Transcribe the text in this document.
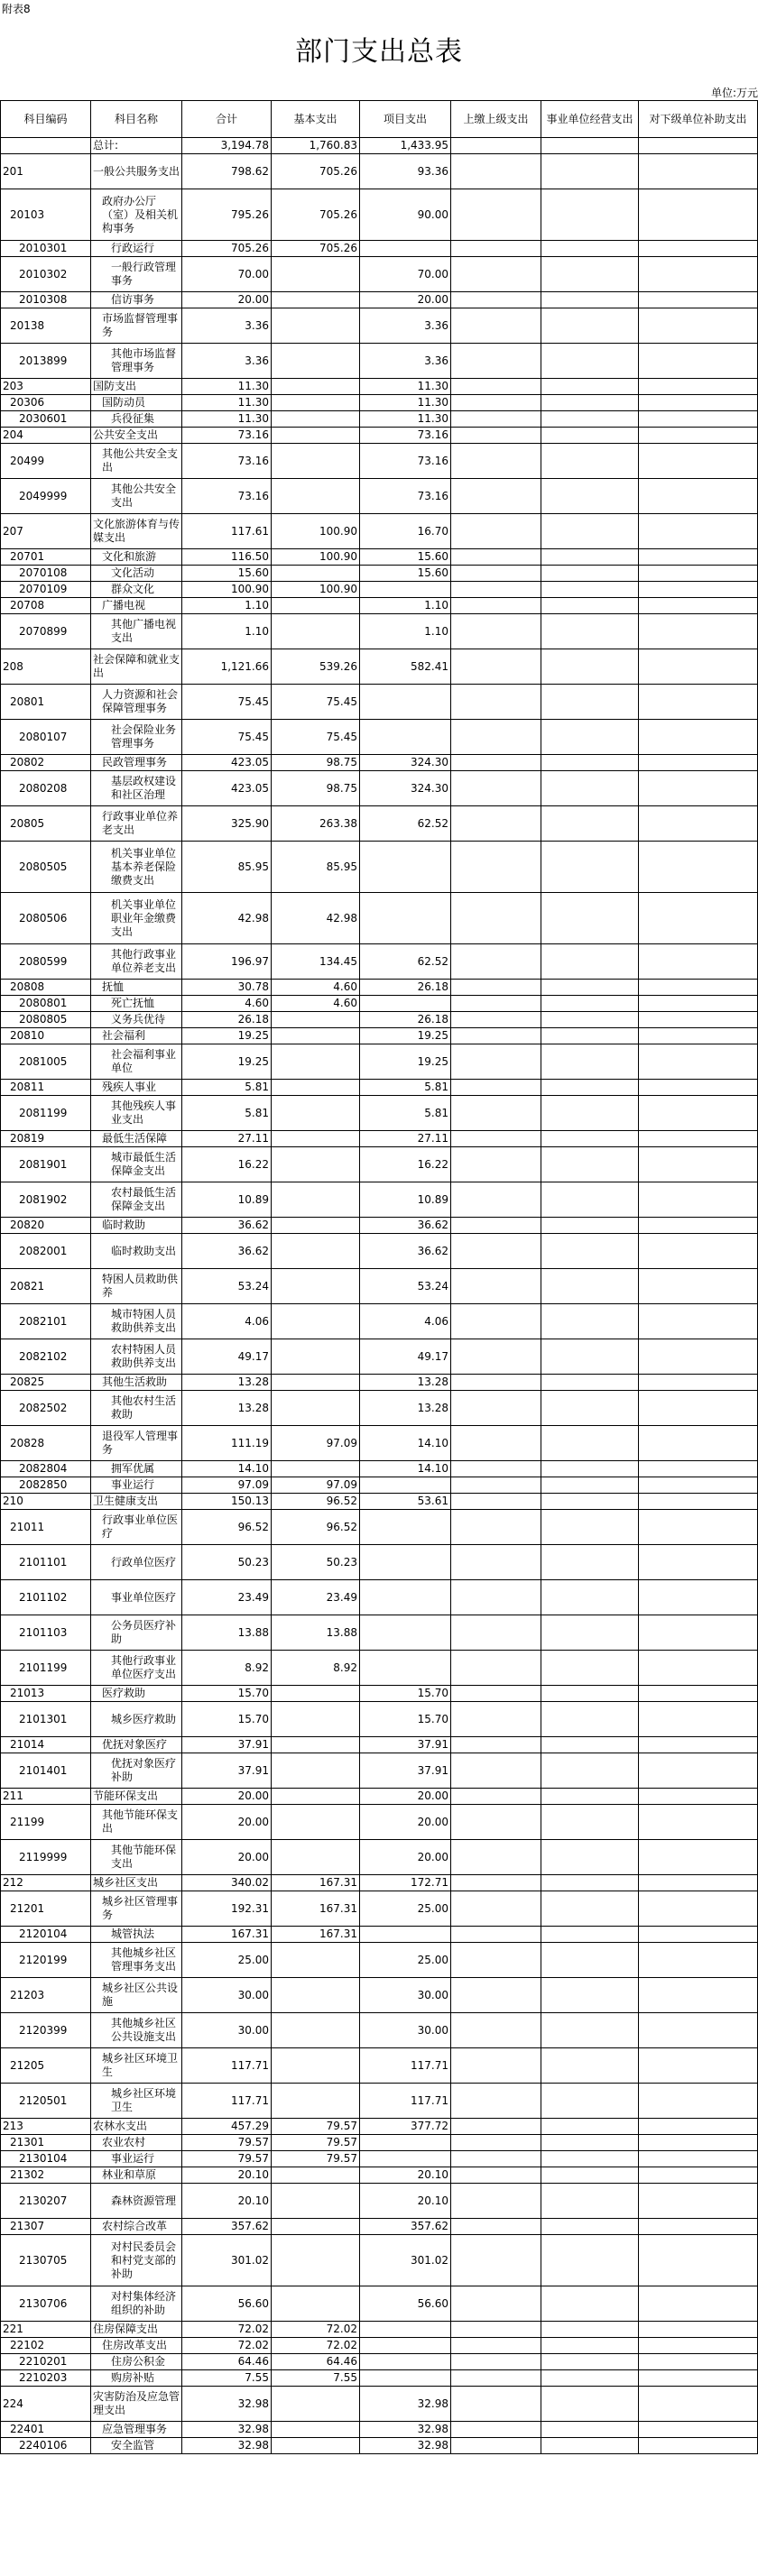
附表8
部门支出总表
单位:万元
科目编码	科目名称	合计	基本支出	项目支出	上缴上级支出	事业单位经营支出	对下级单位补助支出
	总计:	3,194.78	1,760.83	1,433.95			
201	一般公共服务支出	798.62	705.26	93.36			
20103	政府办公厅（室）及相关机构事务	795.26	705.26	90.00			
2010301	行政运行	705.26	705.26				
2010302	一般行政管理事务	70.00		70.00			
2010308	信访事务	20.00		20.00			
20138	市场监督管理事务	3.36		3.36			
2013899	其他市场监督管理事务	3.36		3.36			
203	国防支出	11.30		11.30			
20306	国防动员	11.30		11.30			
2030601	兵役征集	11.30		11.30			
204	公共安全支出	73.16		73.16			
20499	其他公共安全支出	73.16		73.16			
2049999	其他公共安全支出	73.16		73.16			
207	文化旅游体育与传媒支出	117.61	100.90	16.70			
20701	文化和旅游	116.50	100.90	15.60			
2070108	文化活动	15.60		15.60			
2070109	群众文化	100.90	100.90				
20708	广播电视	1.10		1.10			
2070899	其他广播电视支出	1.10		1.10			
208	社会保障和就业支出	1,121.66	539.26	582.41			
20801	人力资源和社会保障管理事务	75.45	75.45				
2080107	社会保险业务管理事务	75.45	75.45				
20802	民政管理事务	423.05	98.75	324.30			
2080208	基层政权建设和社区治理	423.05	98.75	324.30			
20805	行政事业单位养老支出	325.90	263.38	62.52			
2080505	机关事业单位基本养老保险缴费支出	85.95	85.95				
2080506	机关事业单位职业年金缴费支出	42.98	42.98				
2080599	其他行政事业单位养老支出	196.97	134.45	62.52			
20808	抚恤	30.78	4.60	26.18			
2080801	死亡抚恤	4.60	4.60				
2080805	义务兵优待	26.18		26.18			
20810	社会福利	19.25		19.25			
2081005	社会福利事业单位	19.25		19.25			
20811	残疾人事业	5.81		5.81			
2081199	其他残疾人事业支出	5.81		5.81			
20819	最低生活保障	27.11		27.11			
2081901	城市最低生活保障金支出	16.22		16.22			
2081902	农村最低生活保障金支出	10.89		10.89			
20820	临时救助	36.62		36.62			
2082001	临时救助支出	36.62		36.62			
20821	特困人员救助供养	53.24		53.24			
2082101	城市特困人员救助供养支出	4.06		4.06			
2082102	农村特困人员救助供养支出	49.17		49.17			
20825	其他生活救助	13.28		13.28			
2082502	其他农村生活救助	13.28		13.28			
20828	退役军人管理事务	111.19	97.09	14.10			
2082804	拥军优属	14.10		14.10			
2082850	事业运行	97.09	97.09				
210	卫生健康支出	150.13	96.52	53.61			
21011	行政事业单位医疗	96.52	96.52				
2101101	行政单位医疗	50.23	50.23				
2101102	事业单位医疗	23.49	23.49				
2101103	公务员医疗补助	13.88	13.88				
2101199	其他行政事业单位医疗支出	8.92	8.92				
21013	医疗救助	15.70		15.70			
2101301	城乡医疗救助	15.70		15.70			
21014	优抚对象医疗	37.91		37.91			
2101401	优抚对象医疗补助	37.91		37.91			
211	节能环保支出	20.00		20.00			
21199	其他节能环保支出	20.00		20.00			
2119999	其他节能环保支出	20.00		20.00			
212	城乡社区支出	340.02	167.31	172.71			
21201	城乡社区管理事务	192.31	167.31	25.00			
2120104	城管执法	167.31	167.31				
2120199	其他城乡社区管理事务支出	25.00		25.00			
21203	城乡社区公共设施	30.00		30.00			
2120399	其他城乡社区公共设施支出	30.00		30.00			
21205	城乡社区环境卫生	117.71		117.71			
2120501	城乡社区环境卫生	117.71		117.71			
213	农林水支出	457.29	79.57	377.72			
21301	农业农村	79.57	79.57				
2130104	事业运行	79.57	79.57				
21302	林业和草原	20.10		20.10			
2130207	森林资源管理	20.10		20.10			
21307	农村综合改革	357.62		357.62			
2130705	对村民委员会和村党支部的补助	301.02		301.02			
2130706	对村集体经济组织的补助	56.60		56.60			
221	住房保障支出	72.02	72.02				
22102	住房改革支出	72.02	72.02				
2210201	住房公积金	64.46	64.46				
2210203	购房补贴	7.55	7.55				
224	灾害防治及应急管理支出	32.98		32.98			
22401	应急管理事务	32.98		32.98			
2240106	安全监管	32.98		32.98			
